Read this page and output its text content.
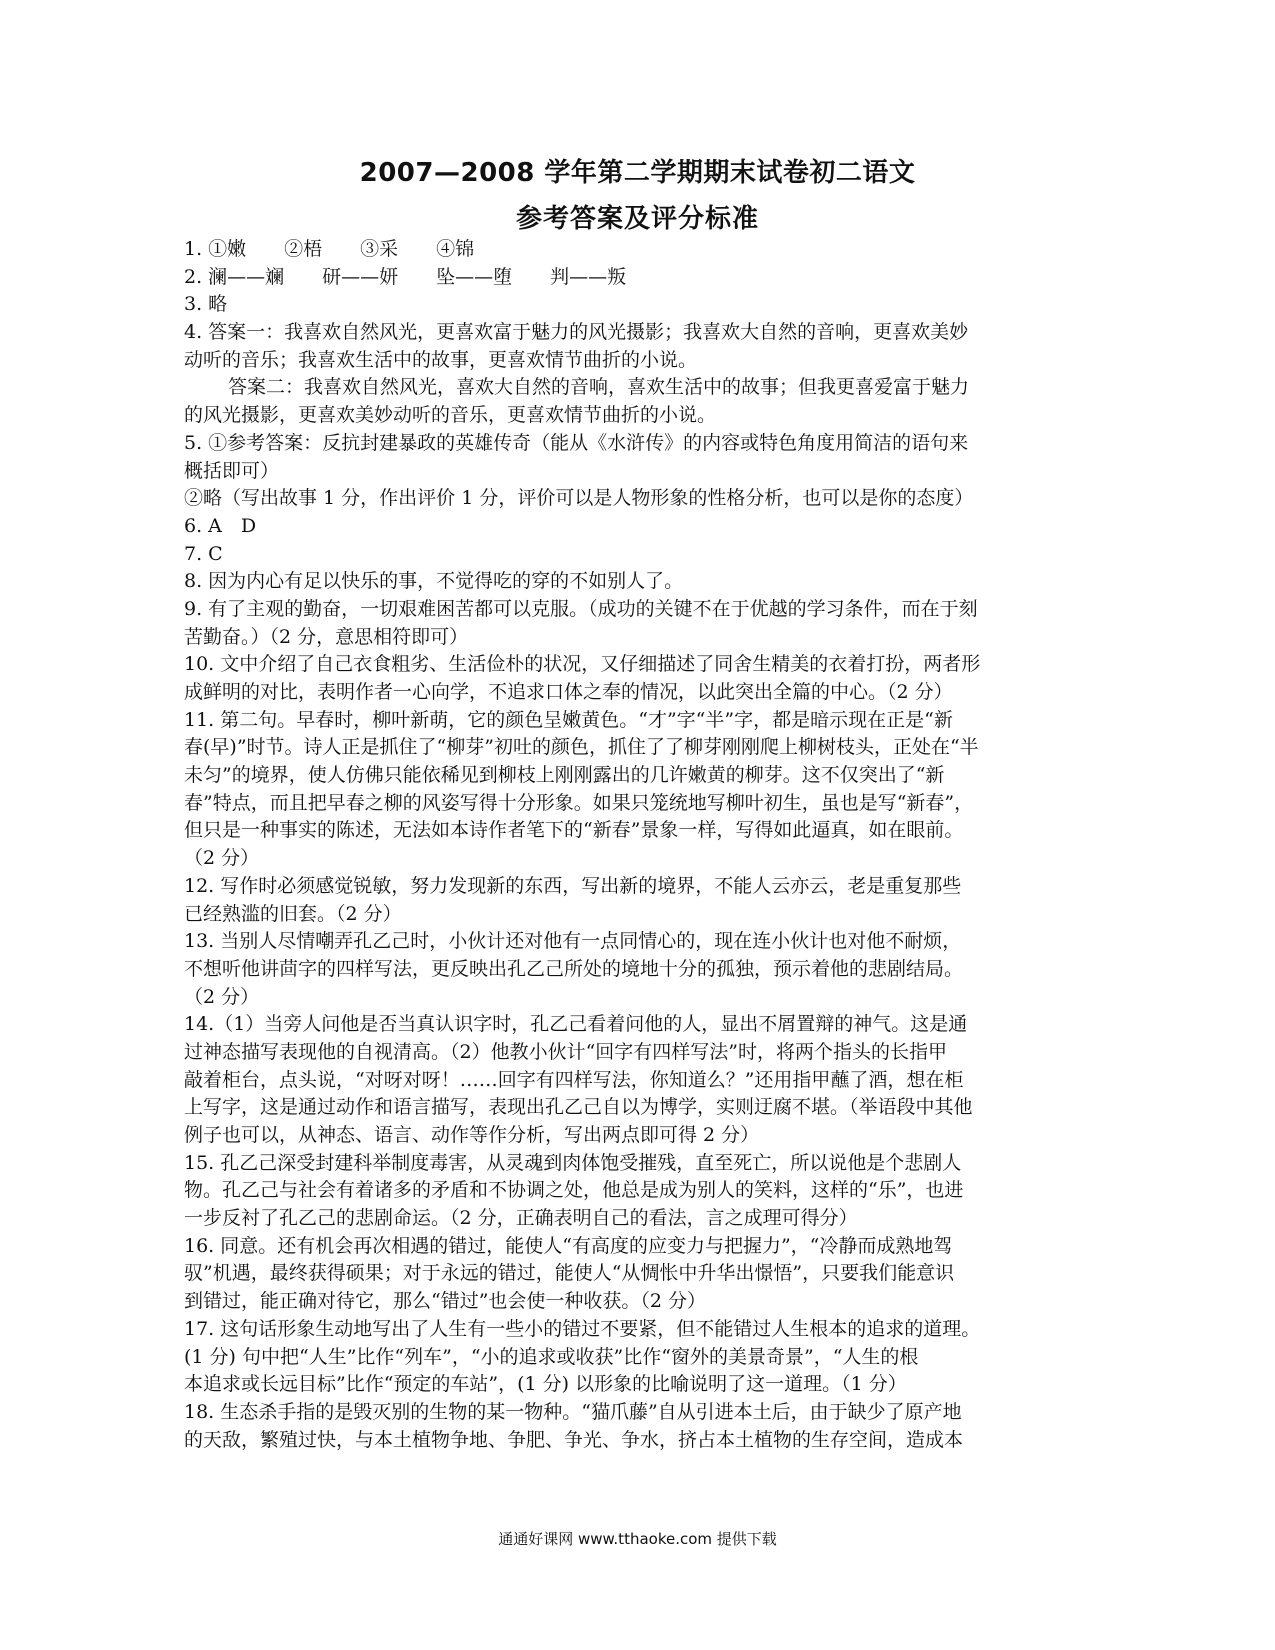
2007—2008 学年第二学期期末试卷初二语文
参考答案及评分标准
1. ①嫩　　②梧　　③采　　④锦
2. 澜——斓　　研——妍　　坠——堕　　判——叛
3. 略
4. 答案一：我喜欢自然风光，更喜欢富于魅力的风光摄影；我喜欢大自然的音响，更喜欢美妙
动听的音乐；我喜欢生活中的故事，更喜欢情节曲折的小说。
答案二：我喜欢自然风光，喜欢大自然的音响，喜欢生活中的故事；但我更喜爱富于魅力
的风光摄影，更喜欢美妙动听的音乐，更喜欢情节曲折的小说。
5. ①参考答案：反抗封建暴政的英雄传奇（能从《水浒传》的内容或特色角度用简洁的语句来
概括即可）
②略（写出故事 1 分，作出评价 1 分，评价可以是人物形象的性格分析，也可以是你的态度）
6. A　D
7. C
8. 因为内心有足以快乐的事，不觉得吃的穿的不如别人了。
9. 有了主观的勤奋，一切艰难困苦都可以克服。（成功的关键不在于优越的学习条件，而在于刻
苦勤奋。）（2 分，意思相符即可）
10. 文中介绍了自己衣食粗劣、生活俭朴的状况，又仔细描述了同舍生精美的衣着打扮，两者形
成鲜明的对比，表明作者一心向学，不追求口体之奉的情况，以此突出全篇的中心。（2 分）
11. 第二句。早春时，柳叶新萌，它的颜色呈嫩黄色。“才”字“半”字，都是暗示现在正是“新
春(早)”时节。诗人正是抓住了“柳芽”初吐的颜色，抓住了了柳芽刚刚爬上柳树枝头，正处在“半
未匀”的境界，使人仿佛只能依稀见到柳枝上刚刚露出的几许嫩黄的柳芽。这不仅突出了“新
春”特点，而且把早春之柳的风姿写得十分形象。如果只笼统地写柳叶初生，虽也是写“新春”，
但只是一种事实的陈述，无法如本诗作者笔下的“新春”景象一样，写得如此逼真，如在眼前。
（2 分）
12. 写作时必须感觉锐敏，努力发现新的东西，写出新的境界，不能人云亦云，老是重复那些
已经熟滥的旧套。（2 分）
13. 当别人尽情嘲弄孔乙己时，小伙计还对他有一点同情心的，现在连小伙计也对他不耐烦，
不想听他讲茴字的四样写法，更反映出孔乙己所处的境地十分的孤独，预示着他的悲剧结局。
（2 分）
14.（1）当旁人问他是否当真认识字时，孔乙己看着问他的人，显出不屑置辩的神气。这是通
过神态描写表现他的自视清高。（2）他教小伙计“回字有四样写法”时，将两个指头的长指甲
敲着柜台，点头说，“对呀对呀！……回字有四样写法，你知道么？”还用指甲蘸了酒，想在柜
上写字，这是通过动作和语言描写，表现出孔乙己自以为博学，实则迂腐不堪。（举语段中其他
例子也可以，从神态、语言、动作等作分析，写出两点即可得 2 分）
15. 孔乙己深受封建科举制度毒害，从灵魂到肉体饱受摧残，直至死亡，所以说他是个悲剧人
物。孔乙己与社会有着诸多的矛盾和不协调之处，他总是成为别人的笑料，这样的“乐”，也进
一步反衬了孔乙己的悲剧命运。（2 分，正确表明自己的看法，言之成理可得分）
16. 同意。还有机会再次相遇的错过，能使人“有高度的应变力与把握力”，“冷静而成熟地驾
驭”机遇，最终获得硕果；对于永远的错过，能使人“从惆怅中升华出憬悟”，只要我们能意识
到错过，能正确对待它，那么“错过”也会使一种收获。（2 分）
17. 这句话形象生动地写出了人生有一些小的错过不要紧，但不能错过人生根本的追求的道理。
(1 分) 句中把“人生”比作“列车”，“小的追求或收获”比作“窗外的美景奇景”，“人生的根
本追求或长远目标”比作“预定的车站”，(1 分) 以形象的比喻说明了这一道理。（1 分）
18. 生态杀手指的是毁灭别的生物的某一物种。“猫爪藤”自从引进本土后，由于缺少了原产地
的天敌，繁殖过快，与本土植物争地、争肥、争光、争水，挤占本土植物的生存空间，造成本
通通好课网 www.tthaoke.com 提供下载
